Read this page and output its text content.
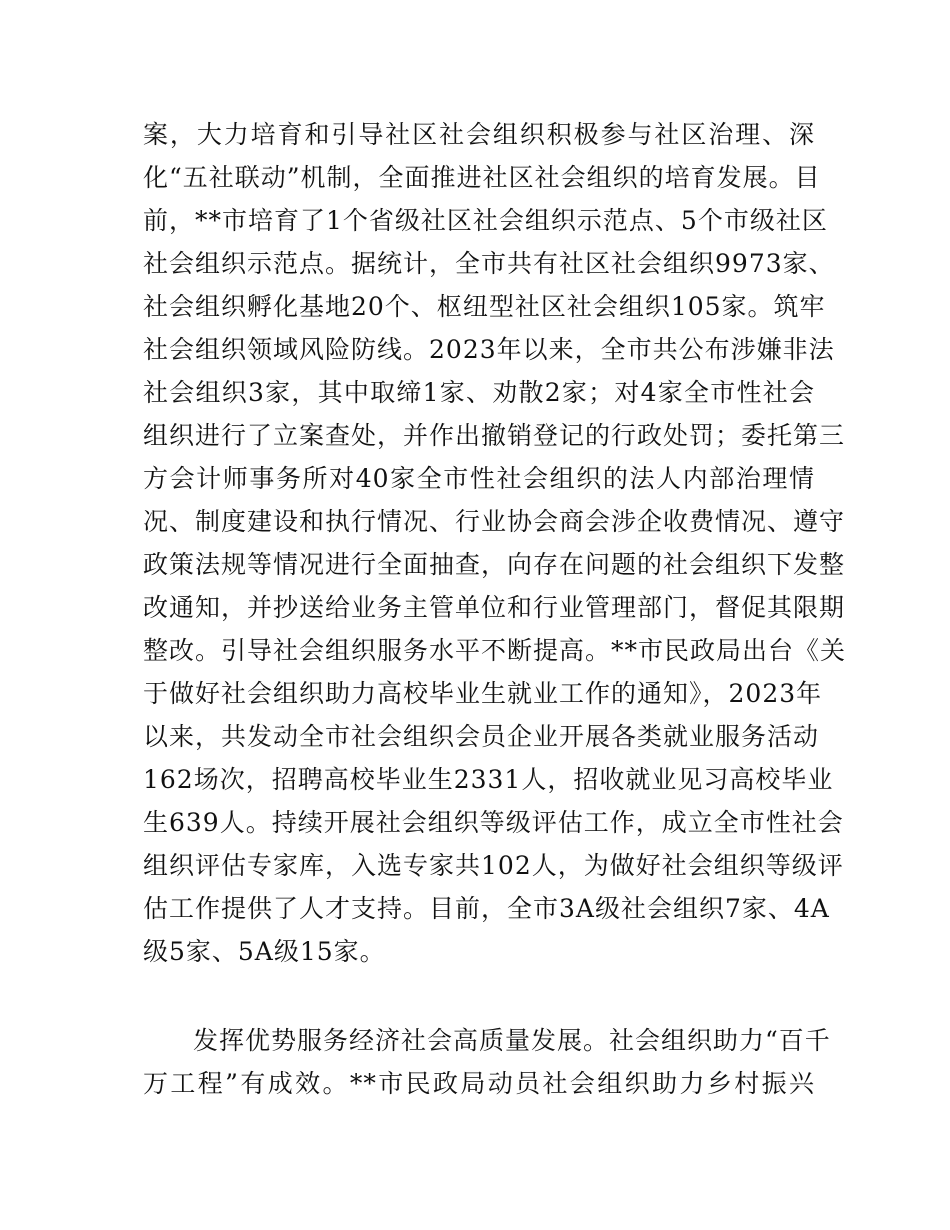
案，大力培育和引导社区社会组织积极参与社区治理、深
化“五社联动”机制，全面推进社区社会组织的培育发展。目
前，**市培育了1个省级社区社会组织示范点、5个市级社区
社会组织示范点。据统计，全市共有社区社会组织9973家、
社会组织孵化基地20个、枢纽型社区社会组织105家。筑牢
社会组织领域风险防线。2023年以来，全市共公布涉嫌非法
社会组织3家，其中取缔1家、劝散2家；对4家全市性社会
组织进行了立案查处，并作出撤销登记的行政处罚；委托第三
方会计师事务所对40家全市性社会组织的法人内部治理情
况、制度建设和执行情况、行业协会商会涉企收费情况、遵守
政策法规等情况进行全面抽查，向存在问题的社会组织下发整
改通知，并抄送给业务主管单位和行业管理部门，督促其限期
整改。引导社会组织服务水平不断提高。**市民政局出台《关
于做好社会组织助力高校毕业生就业工作的通知》，2023年
以来，共发动全市社会组织会员企业开展各类就业服务活动
162场次，招聘高校毕业生2331人，招收就业见习高校毕业
生639人。持续开展社会组织等级评估工作，成立全市性社会
组织评估专家库，入选专家共102人，为做好社会组织等级评
估工作提供了人才支持。目前，全市3A级社会组织7家、4A
级5家、5A级15家。
发挥优势服务经济社会高质量发展。社会组织助力“百千
万工程”有成效。**市民政局动员社会组织助力乡村振兴
